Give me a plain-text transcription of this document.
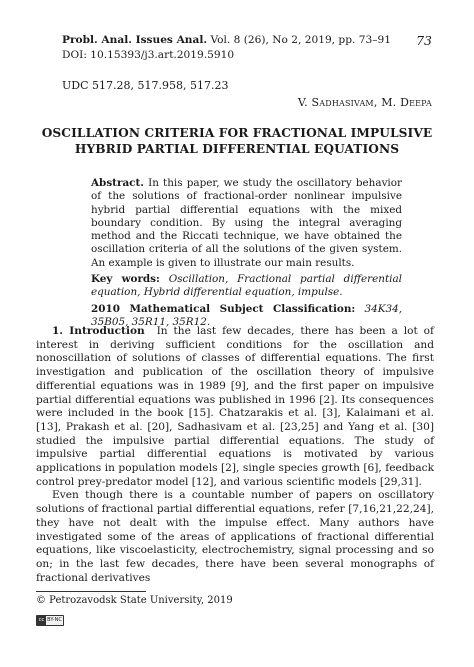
Probl. Anal. Issues Anal. Vol. 8 (26), No 2, 2019, pp. 73–91	73
DOI: 10.15393/j3.art.2019.5910
UDC 517.28, 517.958, 517.23
V. Sadhasivam, M. Deepa
OSCILLATION CRITERIA FOR FRACTIONAL IMPULSIVE
HYBRID PARTIAL DIFFERENTIAL EQUATIONS

Abstract. In this paper, we study the oscillatory behavior of the solutions of fractional-order nonlinear impulsive hybrid partial differential equations with the mixed boundary condition. By using the integral averaging method and the Riccati technique, we have obtained the oscillation criteria of all the solutions of the given system. An example is given to illustrate our main results.

Key words: Oscillation, Fractional partial differential equation, Hybrid differential equation, impulse.

2010 Mathematical Subject Classification: 34K34, 35B05, 35R11, 35R12.

1. Introduction In the last few decades, there has been a lot of interest in deriving sufficient conditions for the oscillation and nonoscillation of solutions of classes of differential equations. The first investigation and publication of the oscillation theory of impulsive differential equations was in 1989 [9], and the first paper on impulsive partial differential equations was published in 1996 [2]. Its consequences were included in the book [15]. Chatzarakis et al. [3], Kalaimani et al. [13], Prakash et al. [20], Sadhasivam et al. [23,25] and Yang et al. [30] studied the impulsive partial differential equations. The study of impulsive partial differential equations is motivated by various applications in population models [2], single species growth [6], feedback control prey-predator model [12], and various scientific models [29,31].

Even though there is a countable number of papers on oscillatory solutions of fractional partial differential equations, refer [7,16,21,22,24], they have not dealt with the impulse effect. Many authors have investigated some of the areas of applications of fractional differential equations, like viscoelasticity, electrochemistry, signal processing and so on; in the last few decades, there have been several monographs of fractional derivatives

© Petrozavodsk State University, 2019
cc BY-NC
